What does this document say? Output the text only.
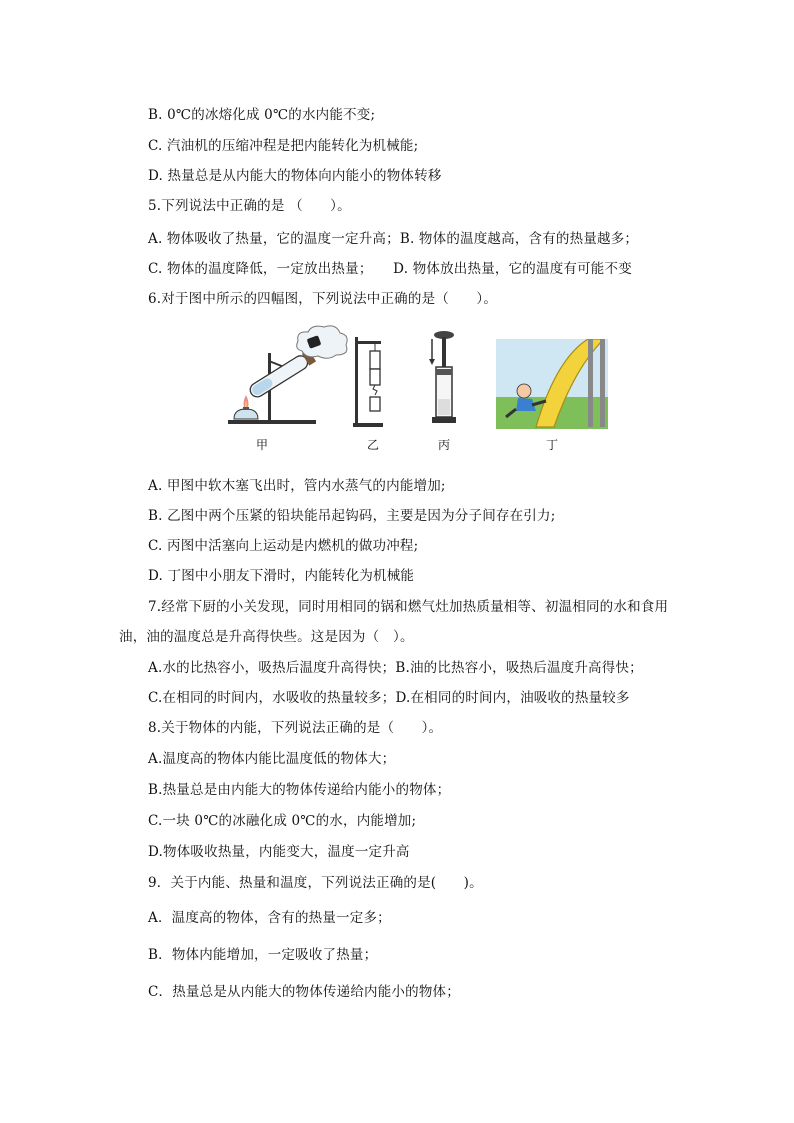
B. 0℃的冰熔化成 0℃的水内能不变;
C. 汽油机的压缩冲程是把内能转化为机械能;
D. 热量总是从内能大的物体向内能小的物体转移
5.下列说法中正确的是 （　　）。
A. 物体吸收了热量，它的温度一定升高；B. 物体的温度越高，含有的热量越多；
C. 物体的温度降低，一定放出热量；　　D. 物体放出热量，它的温度有可能不变
6.对于图中所示的四幅图，下列说法中正确的是（　　）。
甲	乙	丙	丁
A. 甲图中软木塞飞出时，管内水蒸气的内能增加;
B. 乙图中两个压紧的铅块能吊起钩码，主要是因为分子间存在引力;
C. 丙图中活塞向上运动是内燃机的做功冲程;
D. 丁图中小朋友下滑时，内能转化为机械能
7.经常下厨的小关发现，同时用相同的锅和燃气灶加热质量相等、初温相同的水和食用
油，油的温度总是升高得快些。这是因为（　）。
A.水的比热容小，吸热后温度升高得快；B.油的比热容小，吸热后温度升高得快；
C.在相同的时间内，水吸收的热量较多；D.在相同的时间内，油吸收的热量较多
8.关于物体的内能，下列说法正确的是（　　）。
A.温度高的物体内能比温度低的物体大；
B.热量总是由内能大的物体传递给内能小的物体；
C.一块 0℃的冰融化成 0℃的水，内能增加;
D.物体吸收热量，内能变大，温度一定升高
9．关于内能、热量和温度，下列说法正确的是(　　)。
A．温度高的物体，含有的热量一定多；
B．物体内能增加，一定吸收了热量；
C．热量总是从内能大的物体传递给内能小的物体；
